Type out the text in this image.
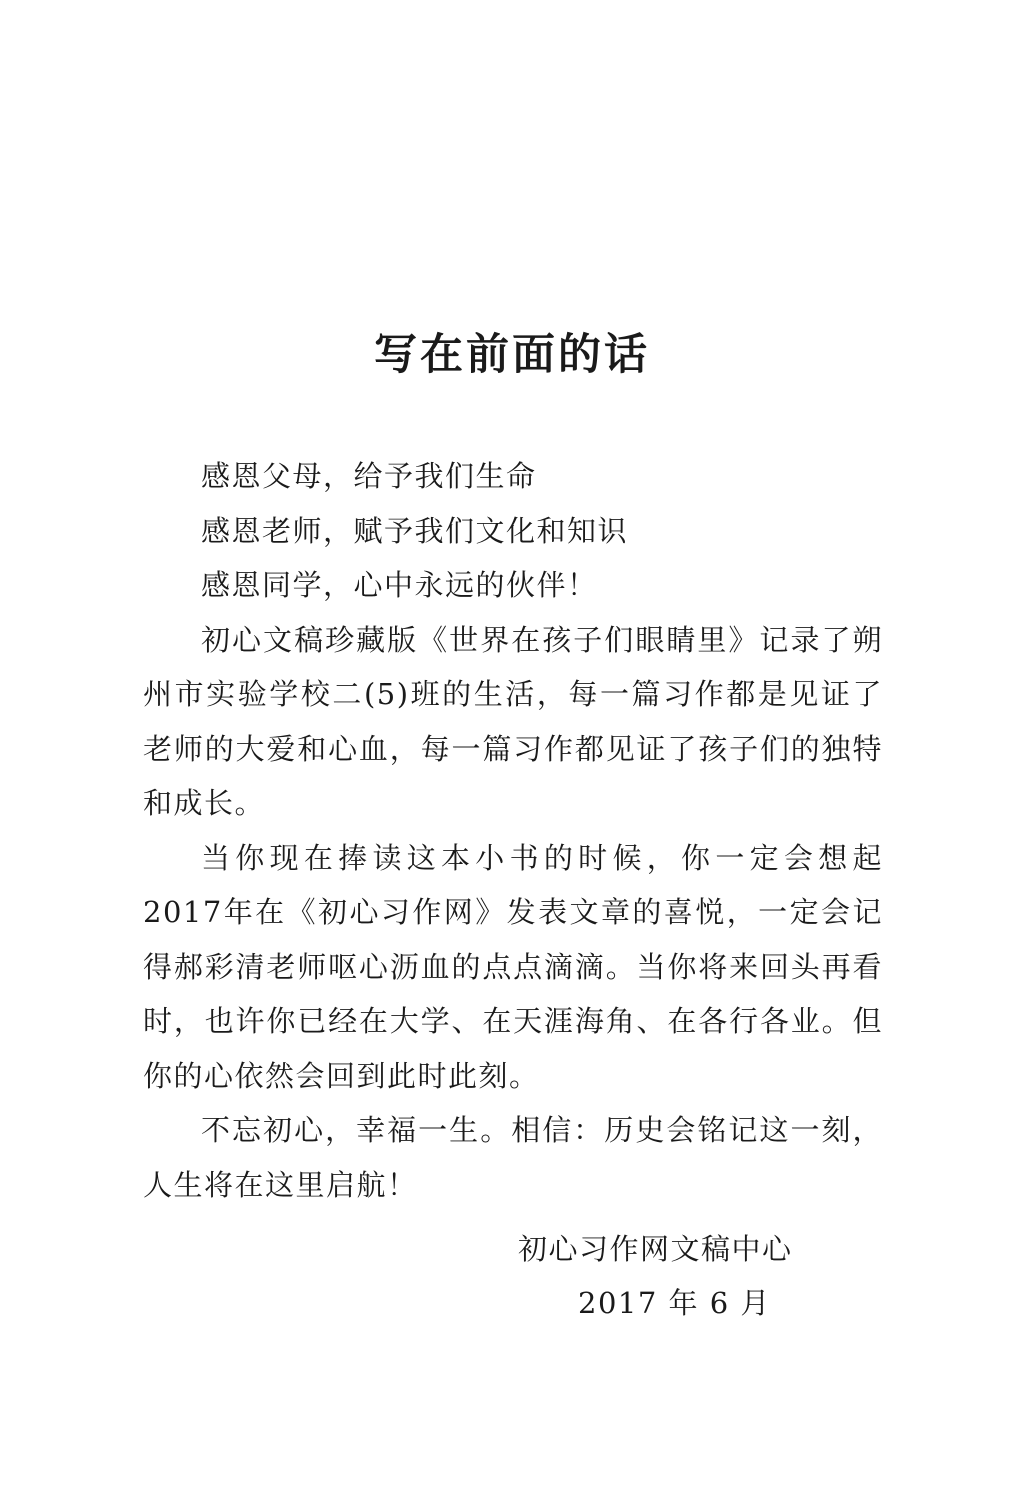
写在前面的话

感恩父母，给予我们生命

感恩老师，赋予我们文化和知识

感恩同学，心中永远的伙伴！

初心文稿珍藏版《世界在孩子们眼睛里》记录了朔州市实验学校二(5)班的生活，每一篇习作都是见证了老师的大爱和心血，每一篇习作都见证了孩子们的独特和成长。

当你现在捧读这本小书的时候，你一定会想起2017年在《初心习作网》发表文章的喜悦，一定会记得郝彩清老师呕心沥血的点点滴滴。当你将来回头再看时，也许你已经在大学、在天涯海角、在各行各业。但你的心依然会回到此时此刻。

不忘初心，幸福一生。相信：历史会铭记这一刻，人生将在这里启航！

初心习作网文稿中心
2017 年 6 月
